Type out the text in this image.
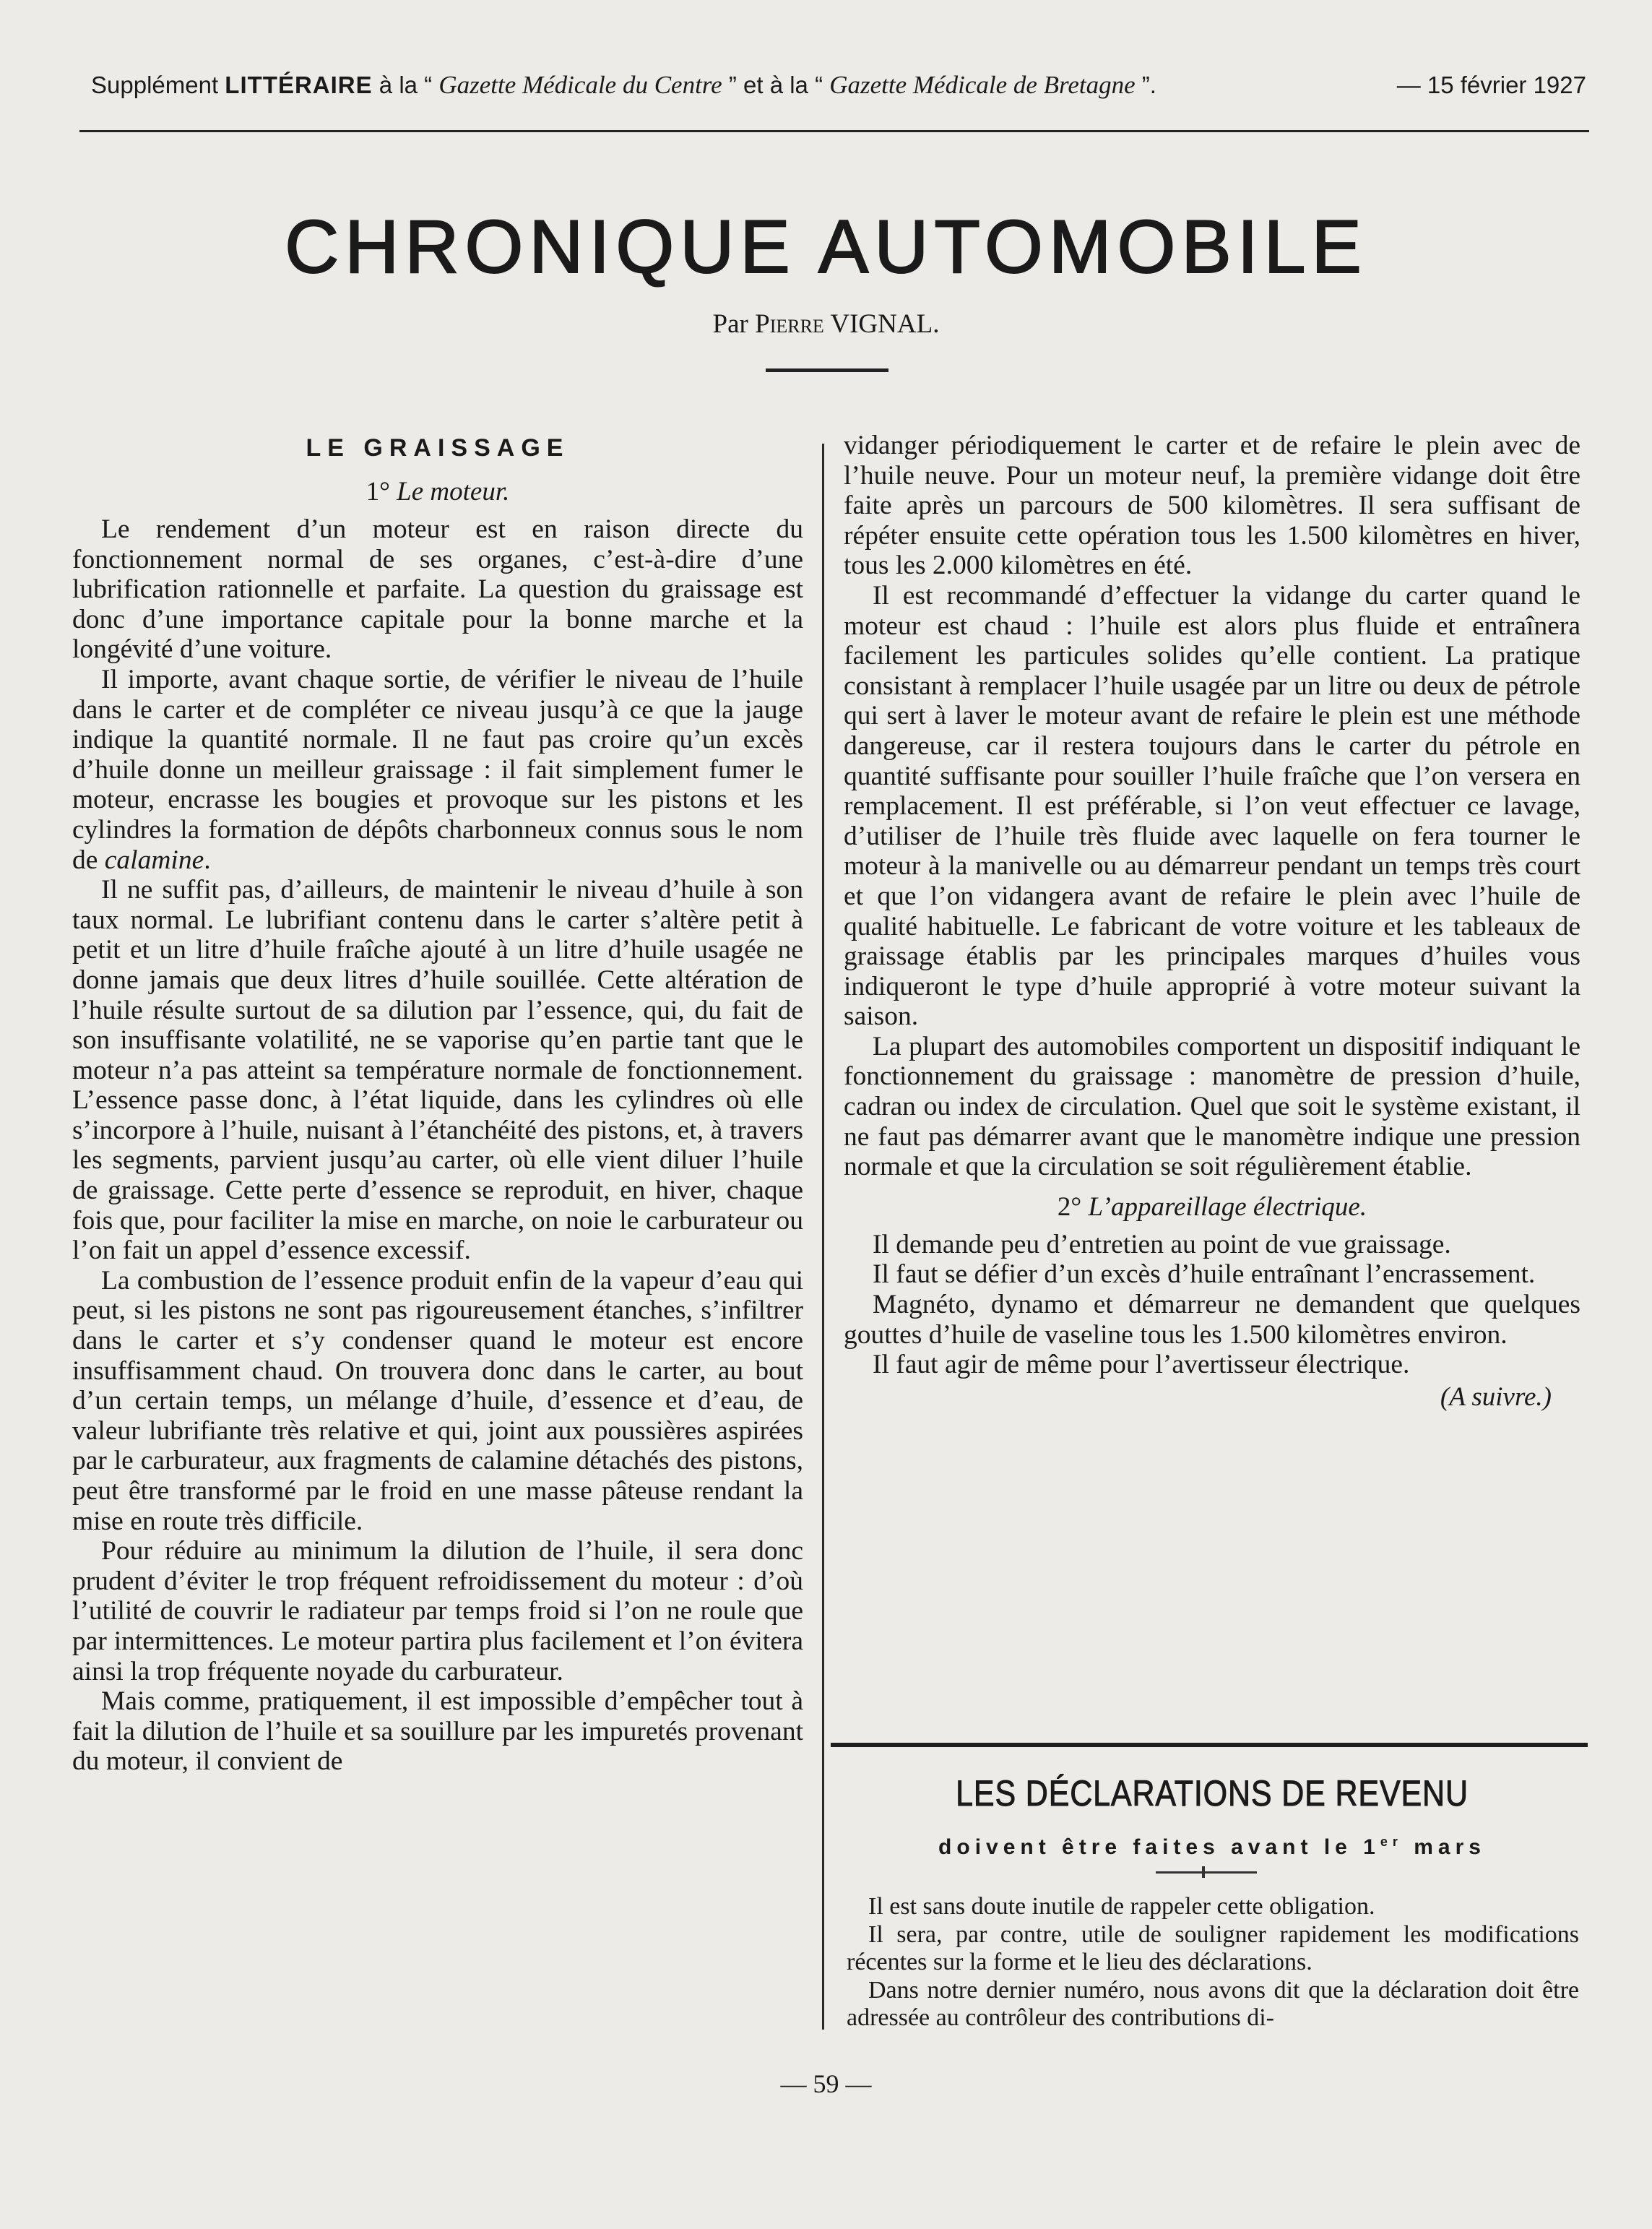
Supplément LITTÉRAIRE à la “ Gazette Médicale du Centre ” et à la “ Gazette Médicale de Bretagne ”.	— 15 février 1927
CHRONIQUE AUTOMOBILE
Par Pierre VIGNAL.
LE GRAISSAGE
1° Le moteur.

Le rendement d’un moteur est en raison directe du fonctionnement normal de ses organes, c’est-à-dire d’une lubrification rationnelle et parfaite. La question du graissage est donc d’une importance capitale pour la bonne marche et la longévité d’une voiture.

Il importe, avant chaque sortie, de vérifier le niveau de l’huile dans le carter et de compléter ce niveau jusqu’à ce que la jauge indique la quantité normale. Il ne faut pas croire qu’un excès d’huile donne un meilleur graissage : il fait simplement fumer le moteur, encrasse les bougies et provoque sur les pistons et les cylindres la formation de dépôts charbonneux connus sous le nom de calamine.

Il ne suffit pas, d’ailleurs, de maintenir le niveau d’huile à son taux normal. Le lubrifiant contenu dans le carter s’altère petit à petit et un litre d’huile fraîche ajouté à un litre d’huile usagée ne donne jamais que deux litres d’huile souillée. Cette altération de l’huile résulte surtout de sa dilution par l’essence, qui, du fait de son insuffisante volatilité, ne se vaporise qu’en partie tant que le moteur n’a pas atteint sa température normale de fonctionnement. L’essence passe donc, à l’état liquide, dans les cylindres où elle s’incorpore à l’huile, nuisant à l’étanchéité des pistons, et, à travers les segments, parvient jusqu’au carter, où elle vient diluer l’huile de graissage. Cette perte d’essence se reproduit, en hiver, chaque fois que, pour faciliter la mise en marche, on noie le carburateur ou l’on fait un appel d’essence excessif.

La combustion de l’essence produit enfin de la vapeur d’eau qui peut, si les pistons ne sont pas rigoureusement étanches, s’infiltrer dans le carter et s’y condenser quand le moteur est encore insuffisamment chaud. On trouvera donc dans le carter, au bout d’un certain temps, un mélange d’huile, d’essence et d’eau, de valeur lubrifiante très relative et qui, joint aux poussières aspirées par le carburateur, aux fragments de calamine détachés des pistons, peut être transformé par le froid en une masse pâteuse rendant la mise en route très difficile.

Pour réduire au minimum la dilution de l’huile, il sera donc prudent d’éviter le trop fréquent refroidissement du moteur : d’où l’utilité de couvrir le radiateur par temps froid si l’on ne roule que par intermittences. Le moteur partira plus facilement et l’on évitera ainsi la trop fréquente noyade du carburateur.

Mais comme, pratiquement, il est impossible d’empêcher tout à fait la dilution de l’huile et sa souillure par les impuretés provenant du moteur, il convient de

vidanger périodiquement le carter et de refaire le plein avec de l’huile neuve. Pour un moteur neuf, la première vidange doit être faite après un parcours de 500 kilomètres. Il sera suffisant de répéter ensuite cette opération tous les 1.500 kilomètres en hiver, tous les 2.000 kilomètres en été.

Il est recommandé d’effectuer la vidange du carter quand le moteur est chaud : l’huile est alors plus fluide et entraînera facilement les particules solides qu’elle contient. La pratique consistant à remplacer l’huile usagée par un litre ou deux de pétrole qui sert à laver le moteur avant de refaire le plein est une méthode dangereuse, car il restera toujours dans le carter du pétrole en quantité suffisante pour souiller l’huile fraîche que l’on versera en remplacement. Il est préférable, si l’on veut effectuer ce lavage, d’utiliser de l’huile très fluide avec laquelle on fera tourner le moteur à la manivelle ou au démarreur pendant un temps très court et que l’on vidangera avant de refaire le plein avec l’huile de qualité habituelle. Le fabricant de votre voiture et les tableaux de graissage établis par les principales marques d’huiles vous indiqueront le type d’huile approprié à votre moteur suivant la saison.

La plupart des automobiles comportent un dispositif indiquant le fonctionnement du graissage : manomètre de pression d’huile, cadran ou index de circulation. Quel que soit le système existant, il ne faut pas démarrer avant que le manomètre indique une pression normale et que la circulation se soit régulièrement établie.

2° L’appareillage électrique.

Il demande peu d’entretien au point de vue graissage.

Il faut se défier d’un excès d’huile entraînant l’encrassement.

Magnéto, dynamo et démarreur ne demandent que quelques gouttes d’huile de vaseline tous les 1.500 kilomètres environ.

Il faut agir de même pour l’avertisseur électrique.

(A suivre.)
LES DÉCLARATIONS DE REVENU
doivent être faites avant le 1er mars

Il est sans doute inutile de rappeler cette obligation.

Il sera, par contre, utile de souligner rapidement les modifications récentes sur la forme et le lieu des déclarations.

Dans notre dernier numéro, nous avons dit que la déclaration doit être adressée au contrôleur des contributions di-

— 59 —
